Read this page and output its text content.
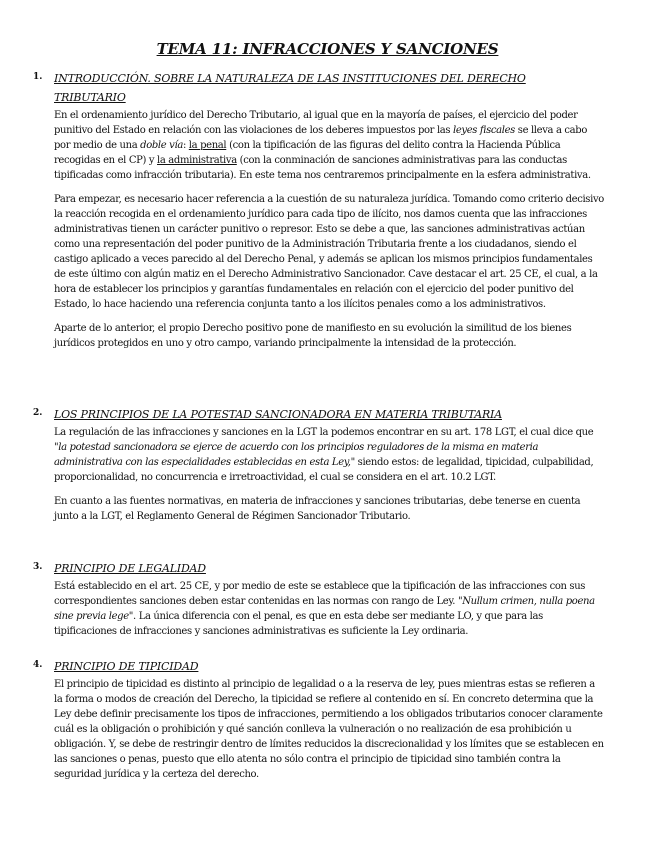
TEMA 11: INFRACCIONES Y SANCIONES
1. INTRODUCCIÓN. SOBRE LA NATURALEZA DE LAS INSTITUCIONES DEL DERECHO
TRIBUTARIO

En el ordenamiento jurídico del Derecho Tributario, al igual que en la mayoría de países, el ejercicio del poder punitivo del Estado en relación con las violaciones de los deberes impuestos por las leyes fiscales se lleva a cabo por medio de una doble vía: la penal (con la tipificación de las figuras del delito contra la Hacienda Pública recogidas en el CP) y la administrativa (con la conminación de sanciones administrativas para las conductas tipificadas como infracción tributaria). En este tema nos centraremos principalmente en la esfera administrativa.

Para empezar, es necesario hacer referencia a la cuestión de su naturaleza jurídica. Tomando como criterio decisivo la reacción recogida en el ordenamiento jurídico para cada tipo de ilícito, nos damos cuenta que las infracciones administrativas tienen un carácter punitivo o represor. Esto se debe a que, las sanciones administrativas actúan como una representación del poder punitivo de la Administración Tributaria frente a los ciudadanos, siendo el castigo aplicado a veces parecido al del Derecho Penal, y además se aplican los mismos principios fundamentales de este último con algún matiz en el Derecho Administrativo Sancionador. Cave destacar el art. 25 CE, el cual, a la hora de establecer los principios y garantías fundamentales en relación con el ejercicio del poder punitivo del Estado, lo hace haciendo una referencia conjunta tanto a los ilícitos penales como a los administrativos.

Aparte de lo anterior, el propio Derecho positivo pone de manifiesto en su evolución la similitud de los bienes jurídicos protegidos en uno y otro campo, variando principalmente la intensidad de la protección.

2. LOS PRINCIPIOS DE LA POTESTAD SANCIONADORA EN MATERIA TRIBUTARIA

La regulación de las infracciones y sanciones en la LGT la podemos encontrar en su art. 178 LGT, el cual dice que "la potestad sancionadora se ejerce de acuerdo con los principios reguladores de la misma en materia administrativa con las especialidades establecidas en esta Ley," siendo estos: de legalidad, tipicidad, culpabilidad, proporcionalidad, no concurrencia e irretroactividad, el cual se considera en el art. 10.2 LGT.

En cuanto a las fuentes normativas, en materia de infracciones y sanciones tributarias, debe tenerse en cuenta junto a la LGT, el Reglamento General de Régimen Sancionador Tributario.

3. PRINCIPIO DE LEGALIDAD

Está establecido en el art. 25 CE, y por medio de este se establece que la tipificación de las infracciones con sus correspondientes sanciones deben estar contenidas en las normas con rango de Ley. "Nullum crimen, nulla poena sine previa lege". La única diferencia con el penal, es que en esta debe ser mediante LO, y que para las tipificaciones de infracciones y sanciones administrativas es suficiente la Ley ordinaria.

4. PRINCIPIO DE TIPICIDAD

El principio de tipicidad es distinto al principio de legalidad o a la reserva de ley, pues mientras estas se refieren a la forma o modos de creación del Derecho, la tipicidad se refiere al contenido en sí. En concreto determina que la Ley debe definir precisamente los tipos de infracciones, permitiendo a los obligados tributarios conocer claramente cuál es la obligación o prohibición y qué sanción conlleva la vulneración o no realización de esa prohibición u obligación. Y, se debe de restringir dentro de límites reducidos la discrecionalidad y los límites que se establecen en las sanciones o penas, puesto que ello atenta no sólo contra el principio de tipicidad sino también contra la seguridad jurídica y la certeza del derecho.
